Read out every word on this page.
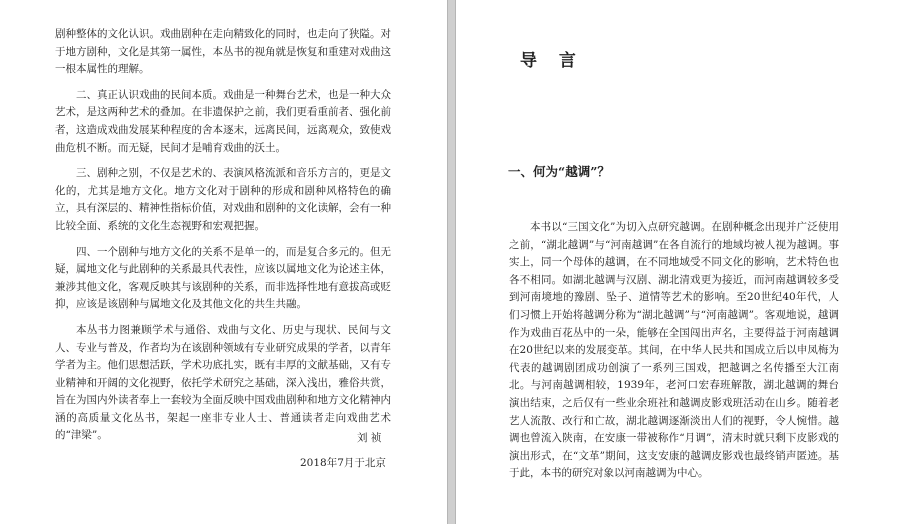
剧种整体的文化认识。戏曲剧种在走向精致化的同时，也走向了狭隘。对于地方剧种，文化是其第一属性，本丛书的视角就是恢复和重建对戏曲这一根本属性的理解。

二、真正认识戏曲的民间本质。戏曲是一种舞台艺术，也是一种大众艺术，是这两种艺术的叠加。在非遗保护之前，我们更看重前者、强化前者，这造成戏曲发展某种程度的舍本逐末，远离民间，远离观众，致使戏曲危机不断。而无疑，民间才是哺育戏曲的沃土。

三、剧种之别，不仅是艺术的、表演风格流派和音乐方言的，更是文化的，尤其是地方文化。地方文化对于剧种的形成和剧种风格特色的确立，具有深层的、精神性指标价值，对戏曲和剧种的文化读解，会有一种比较全面、系统的文化生态视野和宏观把握。

四、一个剧种与地方文化的关系不是单一的，而是复合多元的。但无疑，属地文化与此剧种的关系最具代表性，应该以属地文化为论述主体，兼涉其他文化，客观反映其与该剧种的关系，而非选择性地有意拔高或贬抑，应该是该剧种与属地文化及其他文化的共生共融。

本丛书力图兼顾学术与通俗、戏曲与文化、历史与现状、民间与文人、专业与普及，作者均为在该剧种领域有专业研究成果的学者，以青年学者为主。他们思想活跃，学术功底扎实，既有丰厚的文献基础，又有专业精神和开阔的文化视野，依托学术研究之基础，深入浅出，雅俗共赏，旨在为国内外读者奉上一套较为全面反映中国戏曲剧种和地方文化精神内涵的高质量文化丛书，架起一座非专业人士、普通读者走向戏曲艺术的“津梁”。	刘 祯
2018年7月于北京
导 言
一、何为“越调”？

本书以“三国文化”为切入点研究越调。在剧种概念出现并广泛使用之前，“湖北越调”与“河南越调”在各自流行的地域均被人视为越调。事实上，同一个母体的越调，在不同地域受不同文化的影响，艺术特色也各不相同。如湖北越调与汉剧、湖北清戏更为接近，而河南越调较多受到河南境地的豫剧、坠子、道情等艺术的影响。至20世纪40年代，人们习惯上开始将越调分称为“湖北越调”与“河南越调”。客观地说，越调作为戏曲百花丛中的一朵，能够在全国闯出声名，主要得益于河南越调在20世纪以来的发展变革。其间，在中华人民共和国成立后以申凤梅为代表的越调剧团成功创演了一系列三国戏，把越调之名传播至大江南北。与河南越调相较，1939年，老河口宏春班解散，湖北越调的舞台演出结束，之后仅有一些业余班社和越调皮影戏班活动在山乡。随着老艺人流散、改行和亡故，湖北越调逐渐淡出人们的视野，令人惋惜。越调也曾流入陕南，在安康一带被称作“月调”，清末时就只剩下皮影戏的演出形式，在“文革”期间，这支安康的越调皮影戏也最终销声匿迹。基于此，本书的研究对象以河南越调为中心。
